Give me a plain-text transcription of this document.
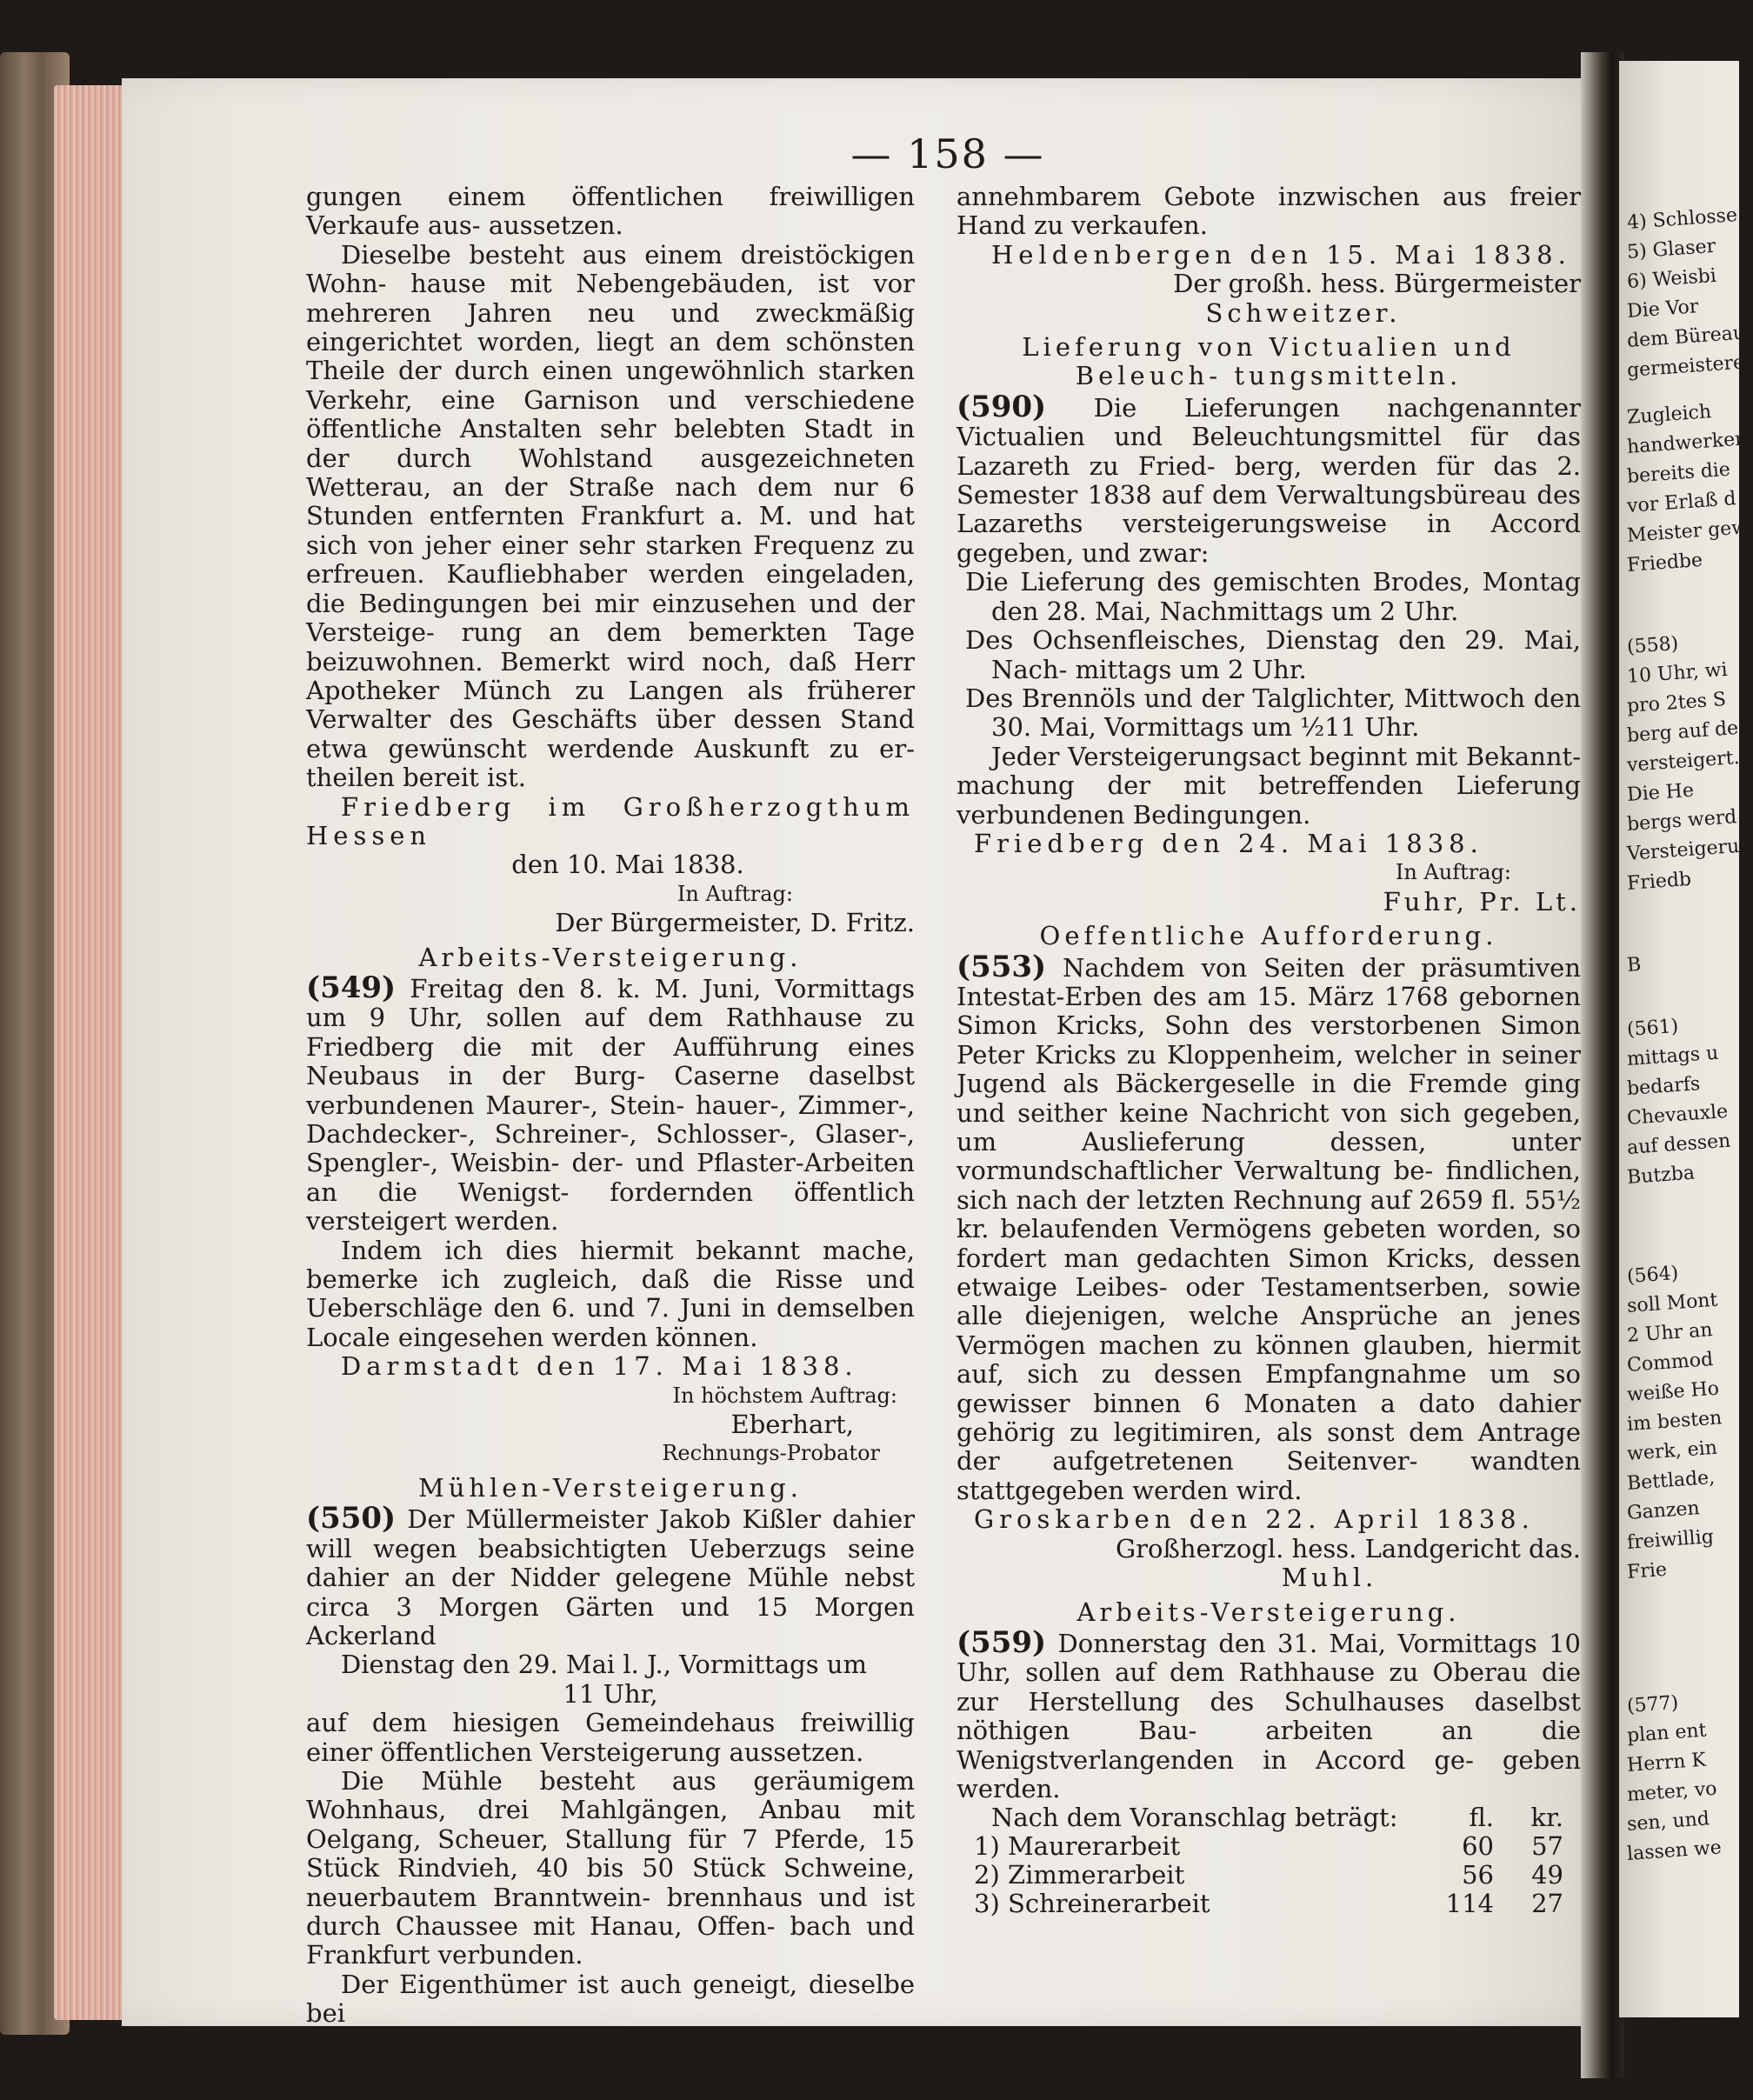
4) Schlosse
5) Glaser
6) Weisbi
Die Vor
dem Büreau
germeisterei
Zugleich
handwerker
bereits die
vor Erlaß d
Meister gew
Friedbe
(558)
10 Uhr, wi
pro 2tes S
berg auf de
versteigert.
Die He
bergs werd
Versteigerun
Friedb
B
(561)
mittags u
bedarfs
Chevauxle
auf dessen
Butzba
(564)
soll Mont
2 Uhr an
Commod
weiße Ho
im besten
werk, ein
Bettlade,
Ganzen
freiwillig
Frie
(577)
plan ent
Herrn K
meter, vo
sen, und
lassen we
— 158 —

gungen einem öffentlichen freiwilligen Verkaufe aus- aussetzen.

Dieselbe besteht aus einem dreistöckigen Wohn- hause mit Nebengebäuden, ist vor mehreren Jahren neu und zweckmäßig eingerichtet worden, liegt an dem schönsten Theile der durch einen ungewöhnlich starken Verkehr, eine Garnison und verschiedene öffentliche Anstalten sehr belebten Stadt in der durch Wohlstand ausgezeichneten Wetterau, an der Straße nach dem nur 6 Stunden entfernten Frankfurt a. M. und hat sich von jeher einer sehr starken Frequenz zu erfreuen. Kaufliebhaber werden eingeladen, die Bedingungen bei mir einzusehen und der Versteige- rung an dem bemerkten Tage beizuwohnen. Bemerkt wird noch, daß Herr Apotheker Münch zu Langen als früherer Verwalter des Geschäfts über dessen Stand etwa gewünscht werdende Auskunft zu er- theilen bereit ist.

Friedberg im Großherzogthum Hessen

den 10. Mai 1838.

In Auftrag:
Der Bürgermeister, D. Fritz.
Arbeits-Versteigerung.

(549) Freitag den 8. k. M. Juni, Vormittags um 9 Uhr, sollen auf dem Rathhause zu Friedberg die mit der Aufführung eines Neubaus in der Burg- Caserne daselbst verbundenen Maurer-, Stein- hauer-, Zimmer-, Dachdecker-, Schreiner-, Schlosser-, Glaser-, Spengler-, Weisbin- der- und Pflaster-Arbeiten an die Wenigst- fordernden öffentlich versteigert werden.

Indem ich dies hiermit bekannt mache, bemerke ich zugleich, daß die Risse und Ueberschläge den 6. und 7. Juni in demselben Locale eingesehen werden können.

Darmstadt den 17. Mai 1838.

In höchstem Auftrag:
Eberhart,
Rechnungs-Probator
Mühlen-Versteigerung.

(550) Der Müllermeister Jakob Kißler dahier will wegen beabsichtigten Ueberzugs seine dahier an der Nidder gelegene Mühle nebst circa 3 Morgen Gärten und 15 Morgen Ackerland

Dienstag den 29. Mai l. J., Vormittags um

11 Uhr,

auf dem hiesigen Gemeindehaus freiwillig einer öffentlichen Versteigerung aussetzen.

Die Mühle besteht aus geräumigem Wohnhaus, drei Mahlgängen, Anbau mit Oelgang, Scheuer, Stallung für 7 Pferde, 15 Stück Rindvieh, 40 bis 50 Stück Schweine, neuerbautem Branntwein- brennhaus und ist durch Chaussee mit Hanau, Offen- bach und Frankfurt verbunden.

Der Eigenthümer ist auch geneigt, dieselbe bei

annehmbarem Gebote inzwischen aus freier Hand zu verkaufen.

Heldenbergen den 15. Mai 1838.

Der großh. hess. Bürgermeister
Schweitzer.
Lieferung von Victualien und Beleuch- tungsmitteln.

(590) Die Lieferungen nachgenannter Victualien und Beleuchtungsmittel für das Lazareth zu Fried- berg, werden für das 2. Semester 1838 auf dem Verwaltungsbüreau des Lazareths versteigerungsweise in Accord gegeben, und zwar:

Die Lieferung des gemischten Brodes, Montag den 28. Mai, Nachmittags um 2 Uhr.

Des Ochsenfleisches, Dienstag den 29. Mai, Nach- mittags um 2 Uhr.

Des Brennöls und der Talglichter, Mittwoch den 30. Mai, Vormittags um ½11 Uhr.

Jeder Versteigerungsact beginnt mit Bekannt- machung der mit betreffenden Lieferung verbundenen Bedingungen.

Friedberg den 24. Mai 1838.

In Auftrag:
Fuhr, Pr. Lt.
Oeffentliche Aufforderung.

(553) Nachdem von Seiten der präsumtiven Intestat-Erben des am 15. März 1768 gebornen Simon Kricks, Sohn des verstorbenen Simon Peter Kricks zu Kloppenheim, welcher in seiner Jugend als Bäckergeselle in die Fremde ging und seither keine Nachricht von sich gegeben, um Auslieferung dessen, unter vormundschaftlicher Verwaltung be- findlichen, sich nach der letzten Rechnung auf 2659 fl. 55½ kr. belaufenden Vermögens gebeten worden, so fordert man gedachten Simon Kricks, dessen etwaige Leibes- oder Testamentserben, sowie alle diejenigen, welche Ansprüche an jenes Vermögen machen zu können glauben, hiermit auf, sich zu dessen Empfangnahme um so gewisser binnen 6 Monaten a dato dahier gehörig zu legitimiren, als sonst dem Antrage der aufgetretenen Seitenver- wandten stattgegeben werden wird.

Groskarben den 22. April 1838.

Großherzogl. hess. Landgericht das.
Muhl.
Arbeits-Versteigerung.

(559) Donnerstag den 31. Mai, Vormittags 10 Uhr, sollen auf dem Rathhause zu Oberau die zur Herstellung des Schulhauses daselbst nöthigen Bau- arbeiten an die Wenigstverlangenden in Accord ge- geben werden.

Nach dem Voranschlag beträgt:	fl.	kr.
1) Maurerarbeit	60	57
2) Zimmerarbeit	56	49
3) Schreinerarbeit	114	27
